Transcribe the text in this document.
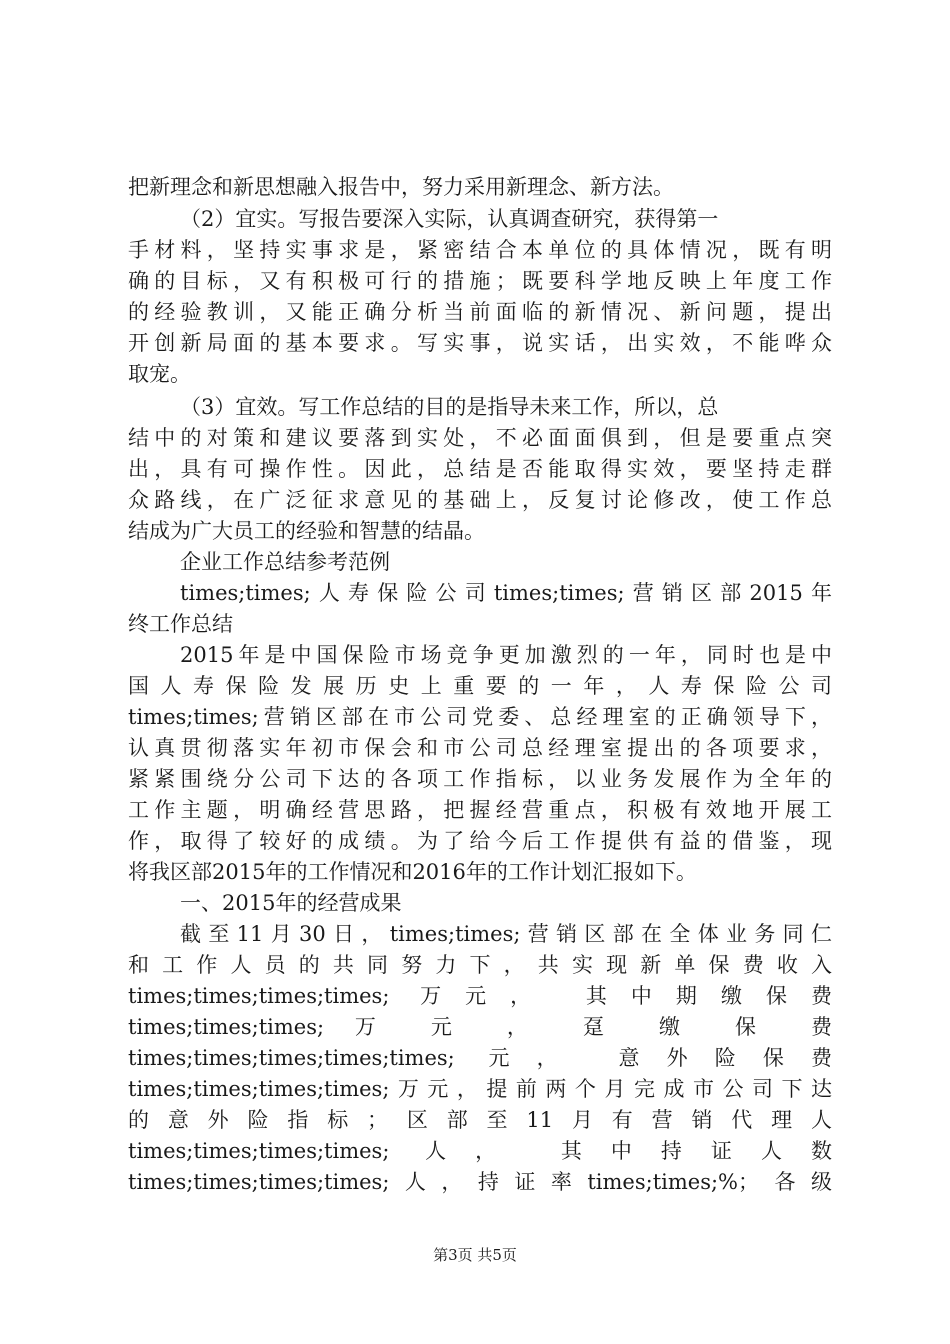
把新理念和新思想融入报告中，努力采用新理念、新方法。
（2）宜实。写报告要深入实际，认真调查研究，获得第一
手材料，坚持实事求是，紧密结合本单位的具体情况，既有明
确的目标，又有积极可行的措施；既要科学地反映上年度工作
的经验教训，又能正确分析当前面临的新情况、新问题，提出
开创新局面的基本要求。写实事，说实话，出实效，不能哗众
取宠。
（3）宜效。写工作总结的目的是指导未来工作，所以，总
结中的对策和建议要落到实处，不必面面俱到，但是要重点突
出，具有可操作性。因此，总结是否能取得实效，要坚持走群
众路线，在广泛征求意见的基础上，反复讨论修改，使工作总
结成为广大员工的经验和智慧的结晶。
企业工作总结参考范例
times;times;人寿保险公司times;times;营销区部2015年
终工作总结
2015年是中国保险市场竞争更加激烈的一年，同时也是中
国人寿保险发展历史上重要的一年，人寿保险公司
times;times;营销区部在市公司党委、总经理室的正确领导下，
认真贯彻落实年初市保会和市公司总经理室提出的各项要求，
紧紧围绕分公司下达的各项工作指标，以业务发展作为全年的
工作主题，明确经营思路，把握经营重点，积极有效地开展工
作，取得了较好的成绩。为了给今后工作提供有益的借鉴，现
将我区部2015年的工作情况和2016年的工作计划汇报如下。
一、2015年的经营成果
截至11月30日，times;times;营销区部在全体业务同仁
和工作人员的共同努力下，共实现新单保费收入
times;times;times;times; 万元， 其中期缴保费
times;times;times; 万 元 ， 趸 缴 保 费
times;times;times;times;times; 元， 意外险保费
times;times;times;times;万元，提前两个月完成市公司下达
的意外险指标；区部至11月有营销代理人
times;times;times;times; 人， 其中持证人数
times;times;times;times;人，持证率times;times;%；各级
第3页 共5页
